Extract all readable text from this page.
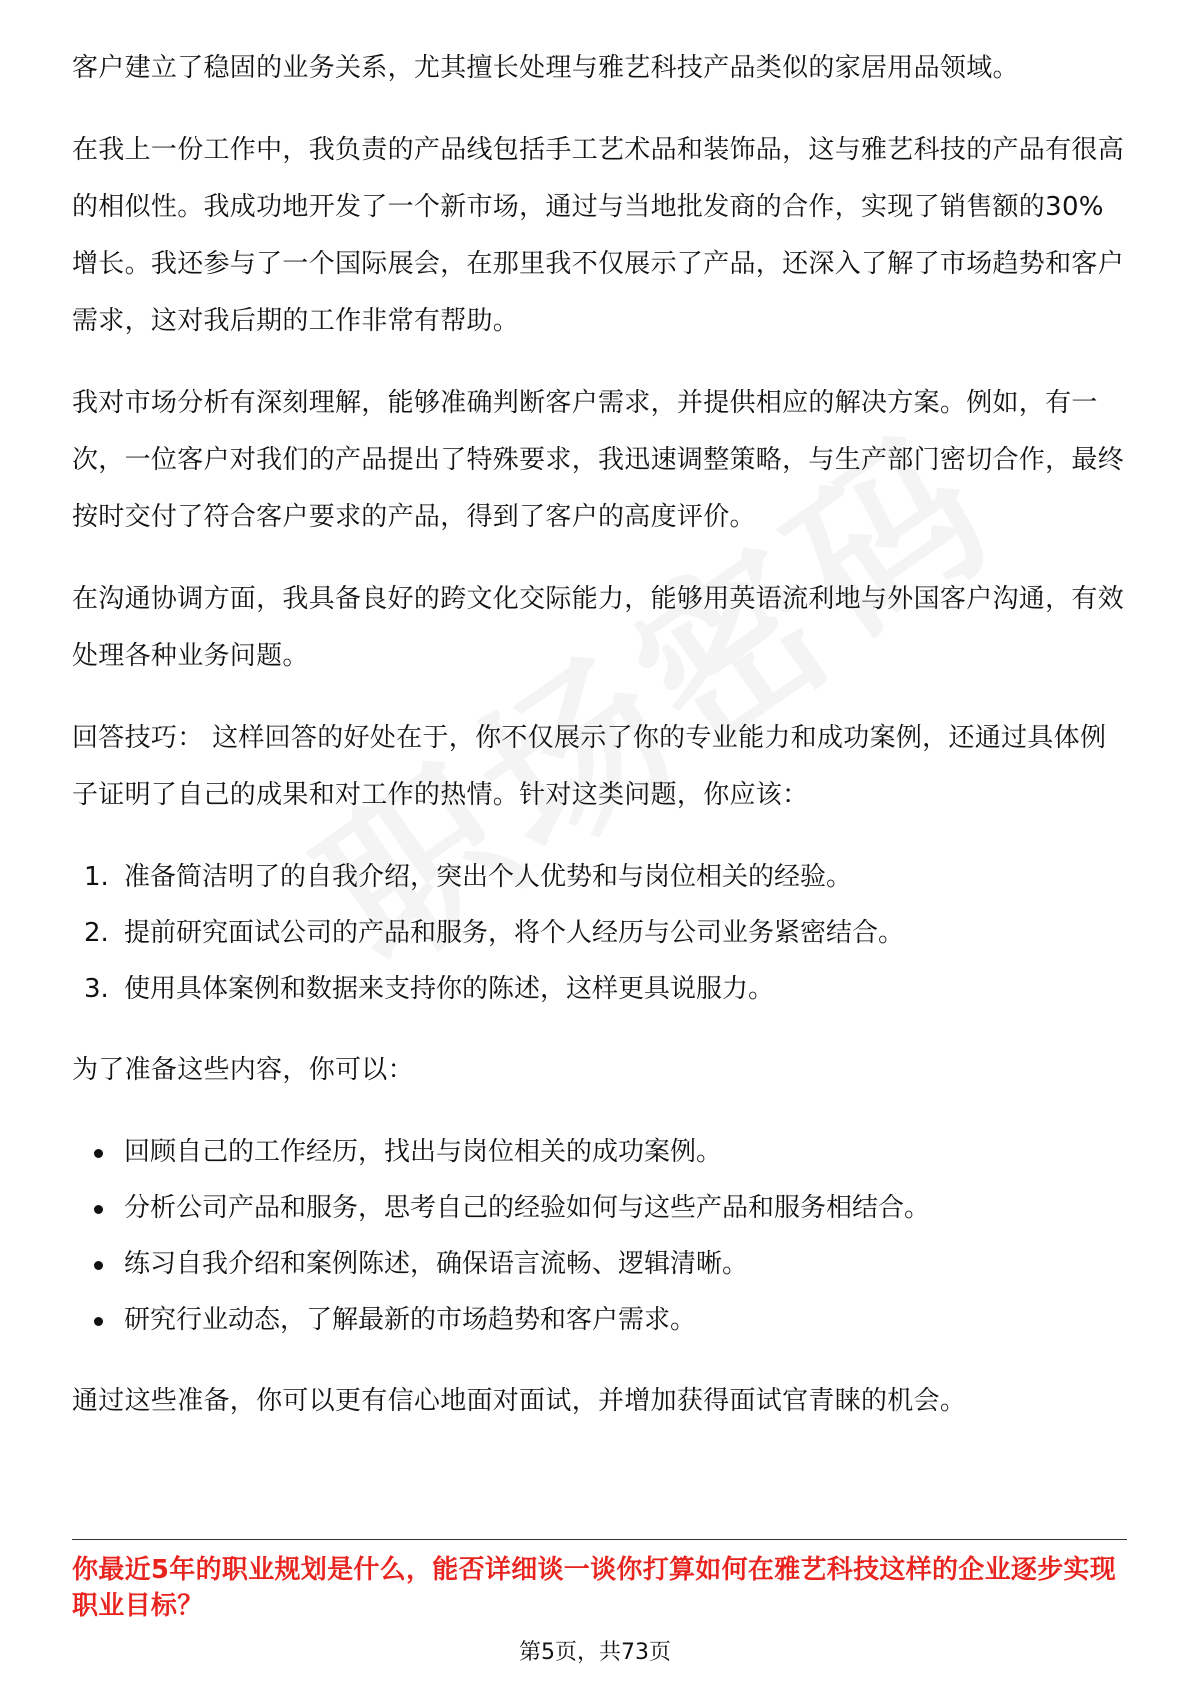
客户建立了稳固的业务关系，尤其擅长处理与雅艺科技产品类似的家居用品领域。

在我上一份工作中，我负责的产品线包括手工艺术品和装饰品，这与雅艺科技的产品有很高的相似性。我成功地开发了一个新市场，通过与当地批发商的合作，实现了销售额的30%增长。我还参与了一个国际展会，在那里我不仅展示了产品，还深入了解了市场趋势和客户需求，这对我后期的工作非常有帮助。

我对市场分析有深刻理解，能够准确判断客户需求，并提供相应的解决方案。例如，有一次，一位客户对我们的产品提出了特殊要求，我迅速调整策略，与生产部门密切合作，最终按时交付了符合客户要求的产品，得到了客户的高度评价。

在沟通协调方面，我具备良好的跨文化交际能力，能够用英语流利地与外国客户沟通，有效处理各种业务问题。

回答技巧： 这样回答的好处在于，你不仅展示了你的专业能力和成功案例，还通过具体例子证明了自己的成果和对工作的热情。针对这类问题，你应该：

1. 准备简洁明了的自我介绍，突出个人优势和与岗位相关的经验。
2. 提前研究面试公司的产品和服务，将个人经历与公司业务紧密结合。
3. 使用具体案例和数据来支持你的陈述，这样更具说服力。

为了准备这些内容，你可以：

回顾自己的工作经历，找出与岗位相关的成功案例。
分析公司产品和服务，思考自己的经验如何与这些产品和服务相结合。
练习自我介绍和案例陈述，确保语言流畅、逻辑清晰。
研究行业动态，了解最新的市场趋势和客户需求。

通过这些准备，你可以更有信心地面对面试，并增加获得面试官青睐的机会。

你最近5年的职业规划是什么，能否详细谈一谈你打算如何在雅艺科技这样的企业逐步实现职业目标？

第5页，共73页
